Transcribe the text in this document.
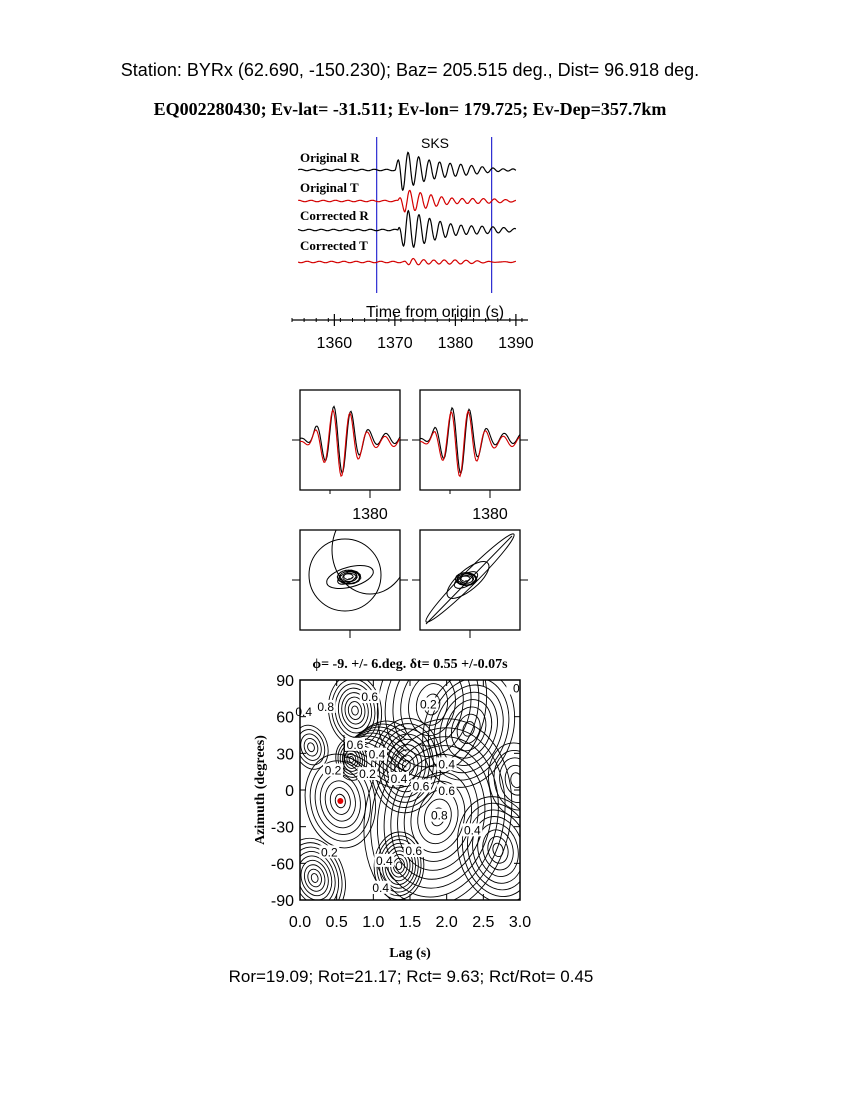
Station: BYRx (62.690, -150.230); Baz= 205.515 deg., Dist= 96.918 deg.
EQ002280430; Ev-lat= -31.511; Ev-lon= 179.725; Ev-Dep=357.7km
SKS
Original R
Original T
Corrected R
Corrected T
Time from origin (s)
1360 1370 1380 1390
1380	1380
ϕ= -9. +/- 6.deg. δt= 0.55 +/-0.07s
0.6
0.8
0.4
0.2
0
0.6
0.4
0.2 0.2 0.4
0.4
0.6 0.6
0.8
0.4
0.2	0.6
0.4
0.4
0.0 0.5 1.0 1.5 2.0 2.5 3.0
90
60
30
0
-30
-60
-90
Azimuth (degrees)
Lag (s)
Ror=19.09; Rot=21.17; Rct= 9.63; Rct/Rot= 0.45
